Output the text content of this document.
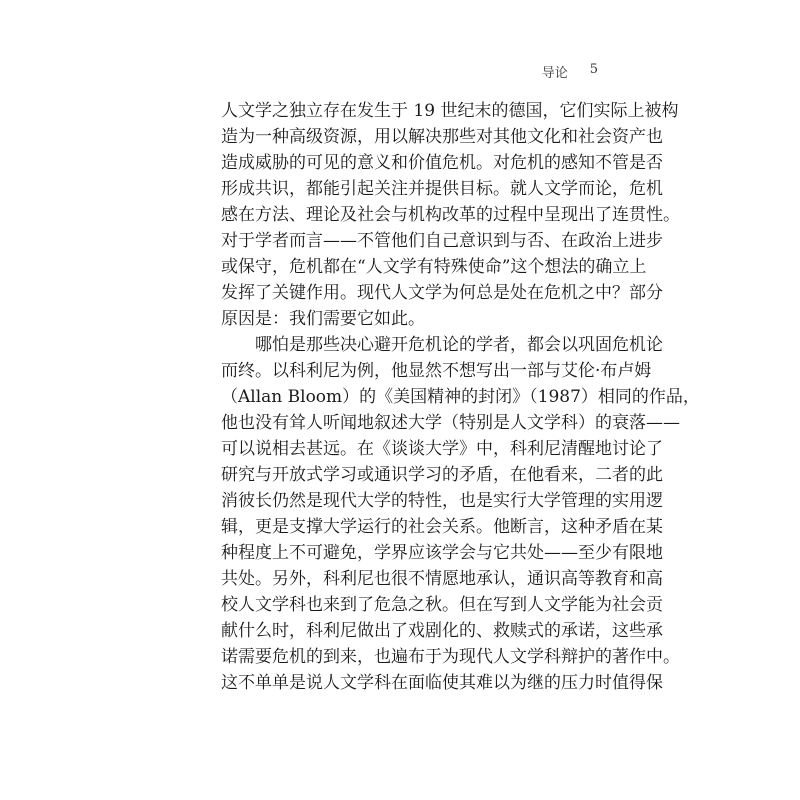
导论 5
人文学之独立存在发生于 19 世纪末的德国，它们实际上被构
造为一种高级资源，用以解决那些对其他文化和社会资产也
造成威胁的可见的意义和价值危机。对危机的感知不管是否
形成共识，都能引起关注并提供目标。就人文学而论，危机
感在方法、理论及社会与机构改革的过程中呈现出了连贯性。
对于学者而言——不管他们自己意识到与否、在政治上进步
或保守，危机都在“人文学有特殊使命”这个想法的确立上
发挥了关键作用。现代人文学为何总是处在危机之中？部分
原因是：我们需要它如此。
哪怕是那些决心避开危机论的学者，都会以巩固危机论
而终。以科利尼为例，他显然不想写出一部与艾伦·布卢姆
（Allan Bloom）的《美国精神的封闭》（1987）相同的作品，
他也没有耸人听闻地叙述大学（特别是人文学科）的衰落——
可以说相去甚远。在《谈谈大学》中，科利尼清醒地讨论了
研究与开放式学习或通识学习的矛盾，在他看来，二者的此
消彼长仍然是现代大学的特性，也是实行大学管理的实用逻
辑，更是支撑大学运行的社会关系。他断言，这种矛盾在某
种程度上不可避免，学界应该学会与它共处——至少有限地
共处。另外，科利尼也很不情愿地承认，通识高等教育和高
校人文学科也来到了危急之秋。但在写到人文学能为社会贡
献什么时，科利尼做出了戏剧化的、救赎式的承诺，这些承
诺需要危机的到来，也遍布于为现代人文学科辩护的著作中。
这不单单是说人文学科在面临使其难以为继的压力时值得保
